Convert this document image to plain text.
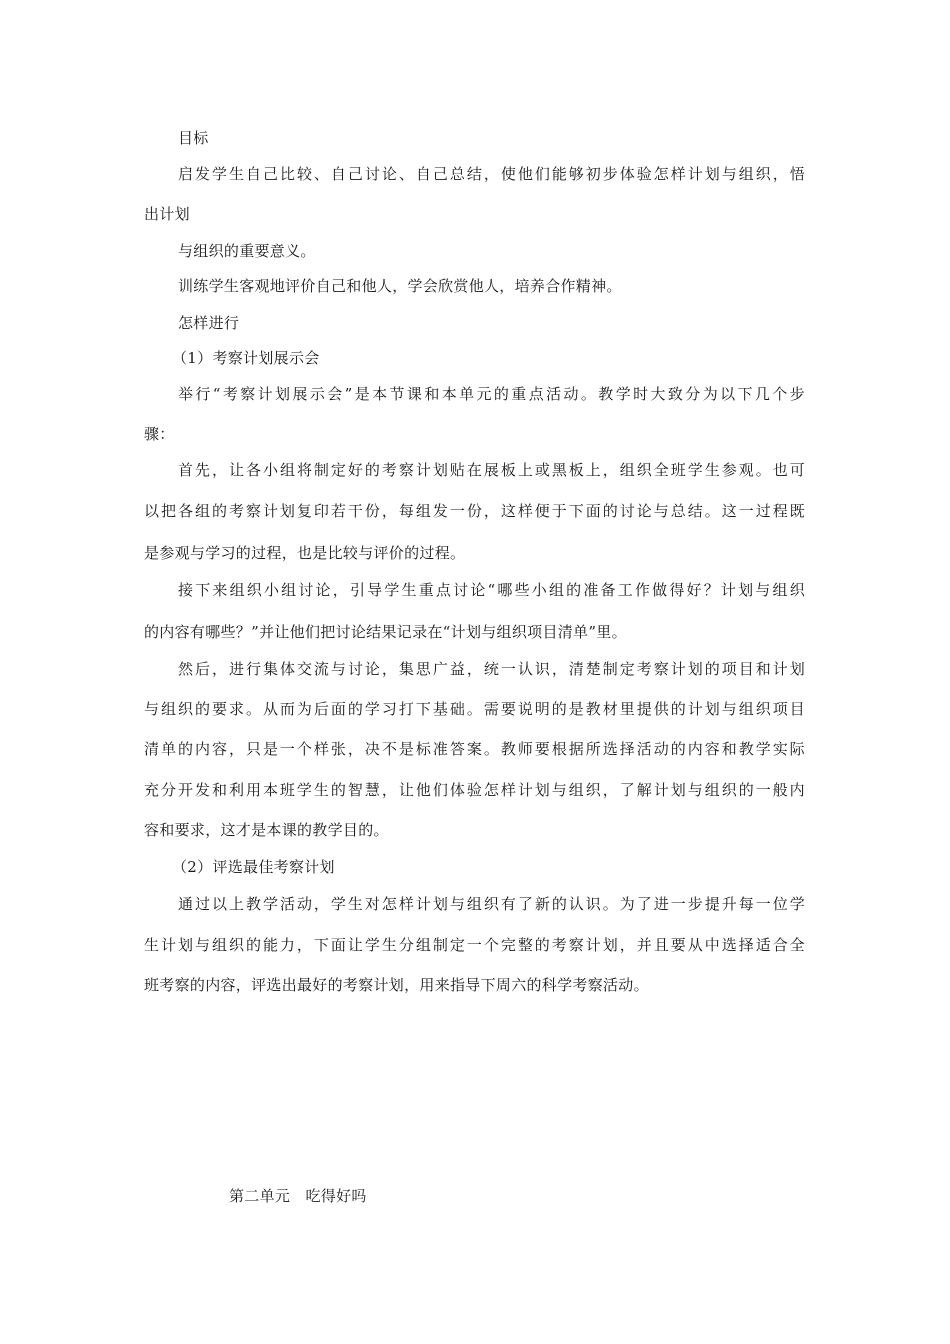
目标
启发学生自己比较、自己讨论、自己总结，使他们能够初步体验怎样计划与组织，悟
出计划
与组织的重要意义。
训练学生客观地评价自己和他人，学会欣赏他人，培养合作精神。
怎样进行
（1）考察计划展示会
举行“考察计划展示会”是本节课和本单元的重点活动。教学时大致分为以下几个步
骤：
首先，让各小组将制定好的考察计划贴在展板上或黑板上，组织全班学生参观。也可
以把各组的考察计划复印若干份，每组发一份，这样便于下面的讨论与总结。这一过程既
是参观与学习的过程，也是比较与评价的过程。
接下来组织小组讨论，引导学生重点讨论“哪些小组的准备工作做得好？计划与组织
的内容有哪些？”并让他们把讨论结果记录在“计划与组织项目清单”里。
然后，进行集体交流与讨论，集思广益，统一认识，清楚制定考察计划的项目和计划
与组织的要求。从而为后面的学习打下基础。需要说明的是教材里提供的计划与组织项目
清单的内容，只是一个样张，决不是标准答案。教师要根据所选择活动的内容和教学实际
充分开发和利用本班学生的智慧，让他们体验怎样计划与组织，了解计划与组织的一般内
容和要求，这才是本课的教学目的。
（2）评选最佳考察计划
通过以上教学活动，学生对怎样计划与组织有了新的认识。为了进一步提升每一位学
生计划与组织的能力，下面让学生分组制定一个完整的考察计划，并且要从中选择适合全
班考察的内容，评选出最好的考察计划，用来指导下周六的科学考察活动。
第二单元　吃得好吗
